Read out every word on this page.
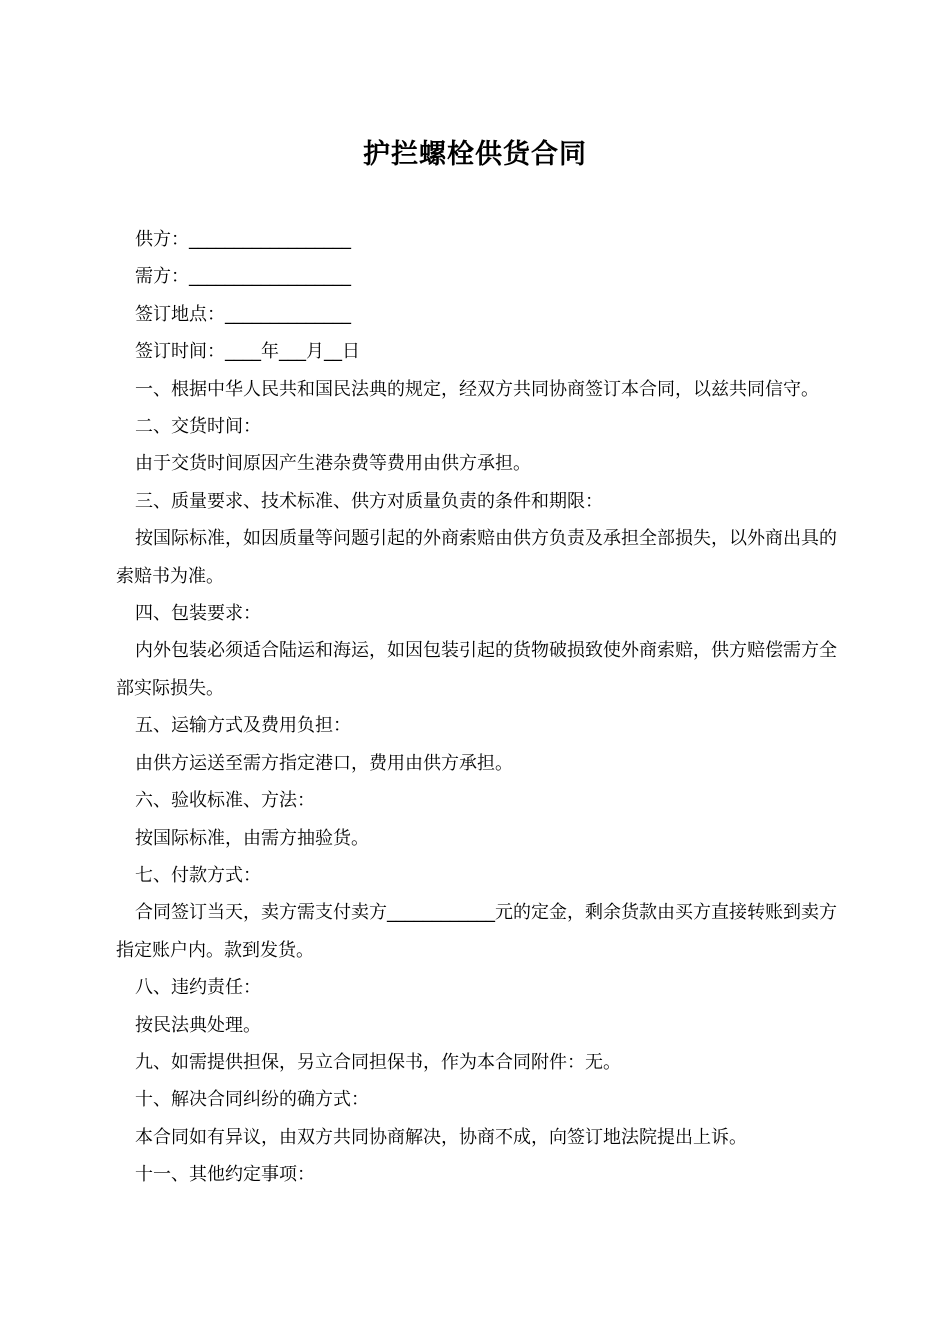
护拦螺栓供货合同

供方：__________________

需方：__________________

签订地点：______________

签订时间：____年___月__日

一、根据中华人民共和国民法典的规定，经双方共同协商签订本合同，以兹共同信守。

二、交货时间：

由于交货时间原因产生港杂费等费用由供方承担。

三、质量要求、技术标准、供方对质量负责的条件和期限：

按国际标准，如因质量等问题引起的外商索赔由供方负责及承担全部损失，以外商出具的索赔书为准。

四、包装要求：

内外包装必须适合陆运和海运，如因包装引起的货物破损致使外商索赔，供方赔偿需方全部实际损失。

五、运输方式及费用负担：

由供方运送至需方指定港口，费用由供方承担。

六、验收标准、方法：

按国际标准，由需方抽验货。

七、付款方式：

合同签订当天，卖方需支付卖方____________元的定金，剩余货款由买方直接转账到卖方指定账户内。款到发货。

八、违约责任：

按民法典处理。

九、如需提供担保，另立合同担保书，作为本合同附件：无。

十、解决合同纠纷的确方式：

本合同如有异议，由双方共同协商解决，协商不成，向签订地法院提出上诉。

十一、其他约定事项：
